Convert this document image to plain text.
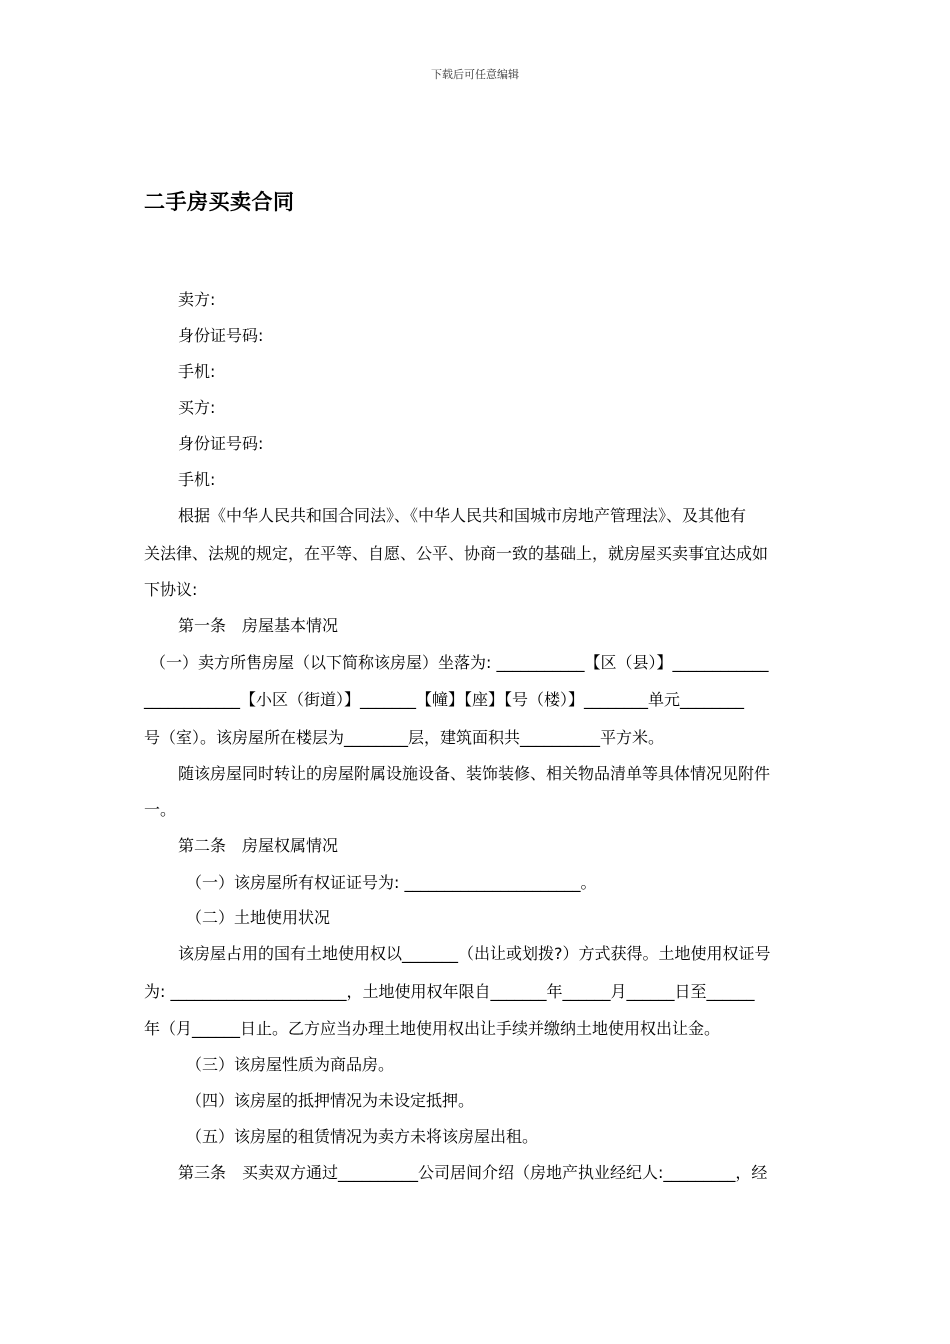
下载后可任意编辑
二手房买卖合同
卖方:
身份证号码:
手机:
买方:
身份证号码:
手机:
根据《中华人民共和国合同法》、《中华人民共和国城市房地产管理法》、及其他有
关法律、法规的规定，在平等、自愿、公平、协商一致的基础上，就房屋买卖事宜达成如
下协议:
第一条　房屋基本情况
（一）卖方所售房屋（以下简称该房屋）坐落为: ___________【区（县）】____________
____________【小区（街道）】_______【幢】【座】【号（楼）】________单元________
号（室）。该房屋所在楼层为________层，建筑面积共__________平方米。
随该房屋同时转让的房屋附属设施设备、装饰装修、相关物品清单等具体情况见附件
一。
第二条　房屋权属情况
（一）该房屋所有权证证号为: ______________________。
（二）土地使用状况
该房屋占用的国有土地使用权以_______（出让或划拨?）方式获得。土地使用权证号
为: ______________________，土地使用权年限自_______年______月______日至______
年（月______日止。乙方应当办理土地使用权出让手续并缴纳土地使用权出让金。
（三）该房屋性质为商品房。
（四）该房屋的抵押情况为未设定抵押。
（五）该房屋的租赁情况为卖方未将该房屋出租。
第三条　买卖双方通过__________公司居间介绍（房地产执业经纪人:_________，经
